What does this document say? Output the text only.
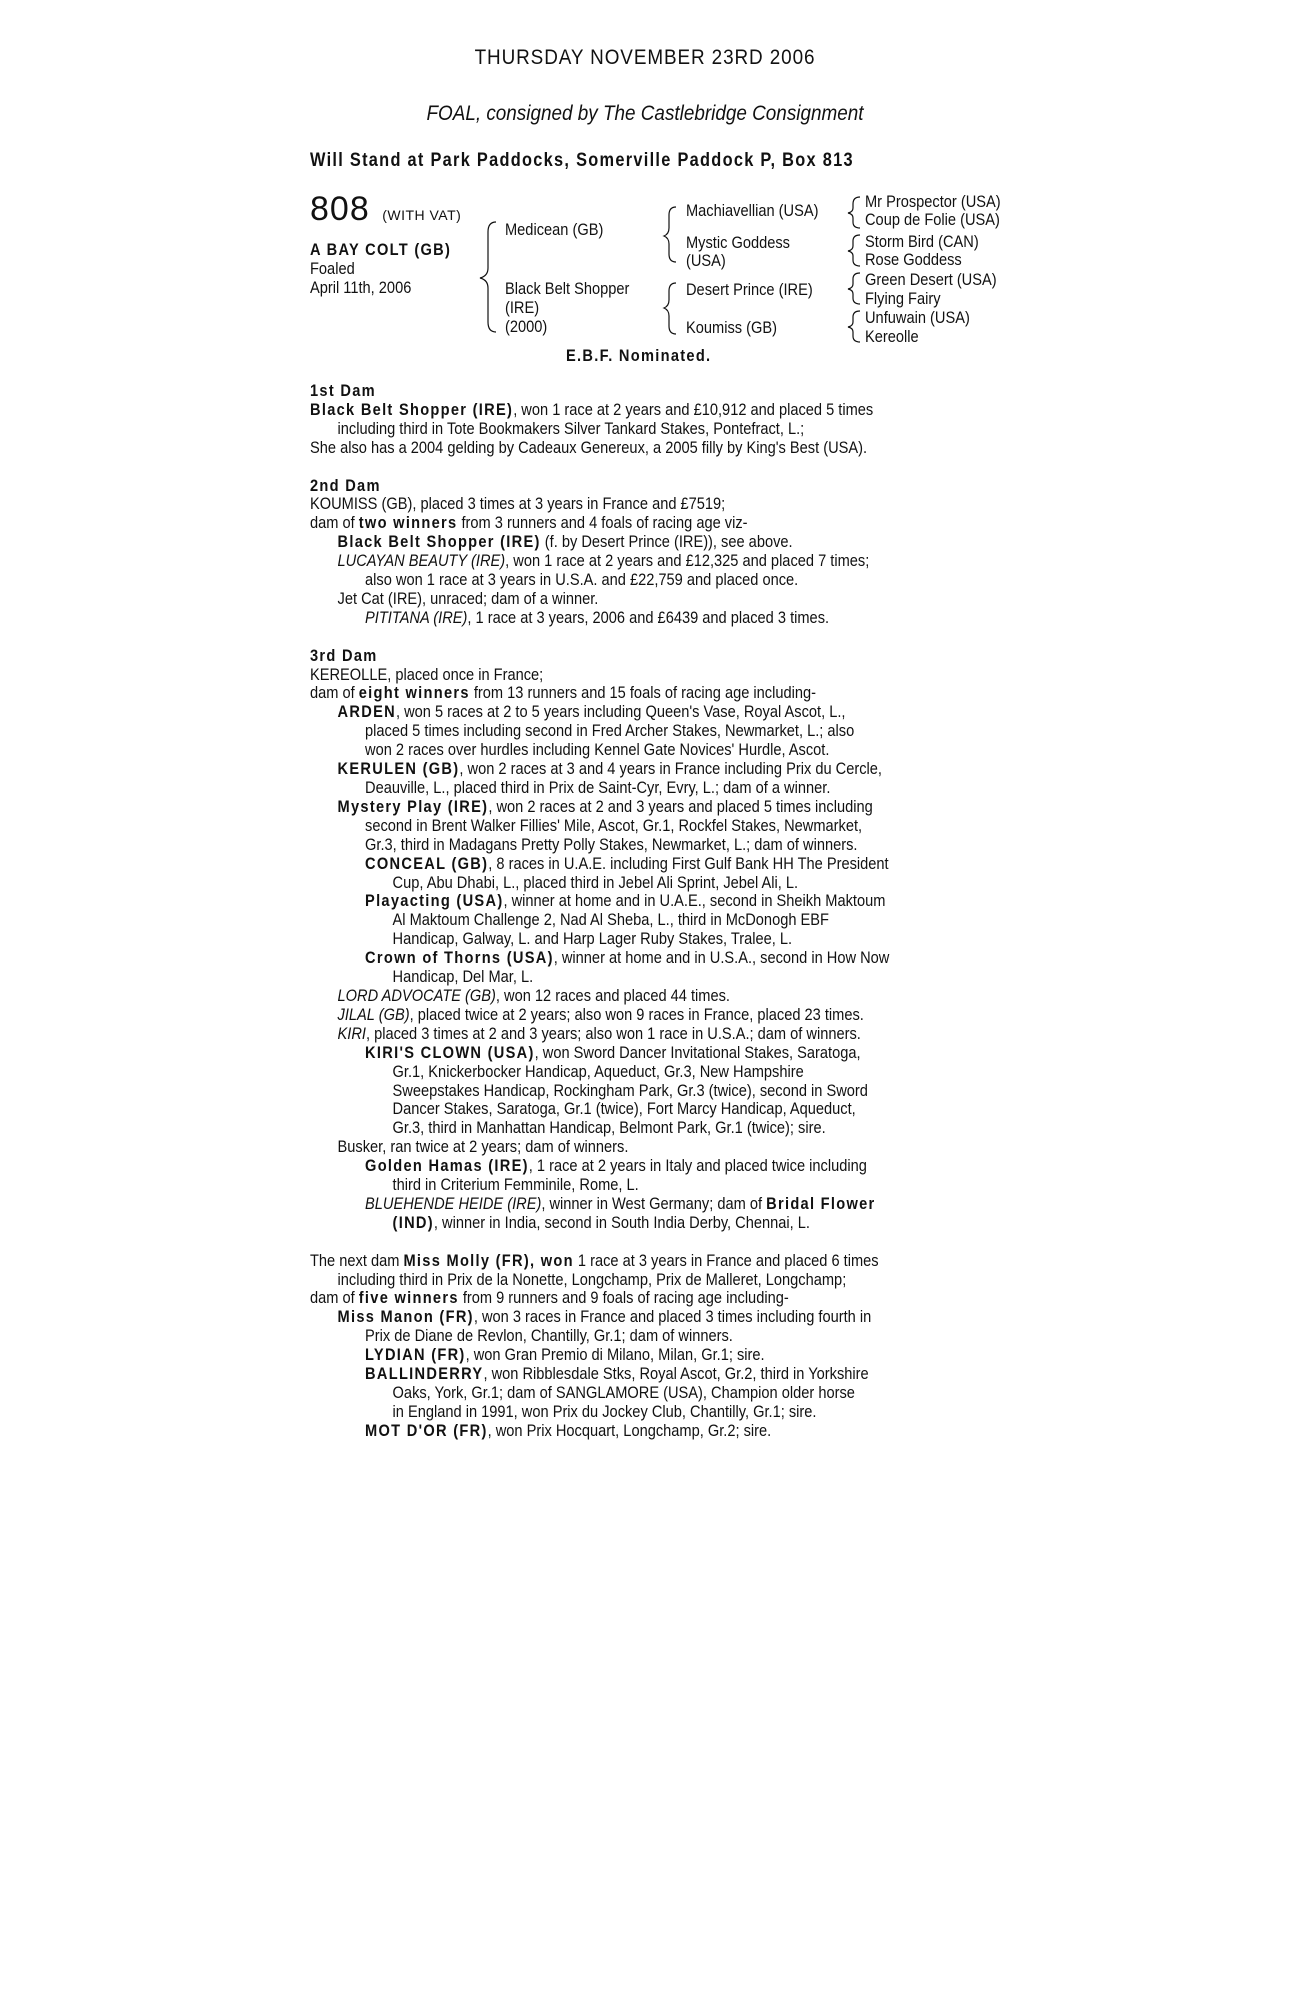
THURSDAY NOVEMBER 23RD 2006
FOAL, consigned by The Castlebridge Consignment
Will Stand at Park Paddocks, Somerville Paddock P, Box 813
808 (WITH VAT)
A BAY COLT (GB)
Foaled
April 11th, 2006
Medicean (GB)
Black Belt Shopper
(IRE)
(2000)
Machiavellian (USA)
Mystic Goddess
(USA)
Desert Prince (IRE)
Koumiss (GB)
Mr Prospector (USA)
Coup de Folie (USA)
Storm Bird (CAN)
Rose Goddess
Green Desert (USA)
Flying Fairy
Unfuwain (USA)
Kereolle
E.B.F. Nominated.
1st Dam
Black Belt Shopper (IRE), won 1 race at 2 years and £10,912 and placed 5 times
including third in Tote Bookmakers Silver Tankard Stakes, Pontefract, L.;
She also has a 2004 gelding by Cadeaux Genereux, a 2005 filly by King's Best (USA).
2nd Dam
KOUMISS (GB), placed 3 times at 3 years in France and £7519;
dam of two winners from 3 runners and 4 foals of racing age viz-
Black Belt Shopper (IRE) (f. by Desert Prince (IRE)), see above.
LUCAYAN BEAUTY (IRE), won 1 race at 2 years and £12,325 and placed 7 times;
also won 1 race at 3 years in U.S.A. and £22,759 and placed once.
Jet Cat (IRE), unraced; dam of a winner.
PITITANA (IRE), 1 race at 3 years, 2006 and £6439 and placed 3 times.
3rd Dam
KEREOLLE, placed once in France;
dam of eight winners from 13 runners and 15 foals of racing age including-
ARDEN, won 5 races at 2 to 5 years including Queen's Vase, Royal Ascot, L.,
placed 5 times including second in Fred Archer Stakes, Newmarket, L.; also
won 2 races over hurdles including Kennel Gate Novices' Hurdle, Ascot.
KERULEN (GB), won 2 races at 3 and 4 years in France including Prix du Cercle,
Deauville, L., placed third in Prix de Saint-Cyr, Evry, L.; dam of a winner.
Mystery Play (IRE), won 2 races at 2 and 3 years and placed 5 times including
second in Brent Walker Fillies' Mile, Ascot, Gr.1, Rockfel Stakes, Newmarket,
Gr.3, third in Madagans Pretty Polly Stakes, Newmarket, L.; dam of winners.
CONCEAL (GB), 8 races in U.A.E. including First Gulf Bank HH The President
Cup, Abu Dhabi, L., placed third in Jebel Ali Sprint, Jebel Ali, L.
Playacting (USA), winner at home and in U.A.E., second in Sheikh Maktoum
Al Maktoum Challenge 2, Nad Al Sheba, L., third in McDonogh EBF
Handicap, Galway, L. and Harp Lager Ruby Stakes, Tralee, L.
Crown of Thorns (USA), winner at home and in U.S.A., second in How Now
Handicap, Del Mar, L.
LORD ADVOCATE (GB), won 12 races and placed 44 times.
JILAL (GB), placed twice at 2 years; also won 9 races in France, placed 23 times.
KIRI, placed 3 times at 2 and 3 years; also won 1 race in U.S.A.; dam of winners.
KIRI'S CLOWN (USA), won Sword Dancer Invitational Stakes, Saratoga,
Gr.1, Knickerbocker Handicap, Aqueduct, Gr.3, New Hampshire
Sweepstakes Handicap, Rockingham Park, Gr.3 (twice), second in Sword
Dancer Stakes, Saratoga, Gr.1 (twice), Fort Marcy Handicap, Aqueduct,
Gr.3, third in Manhattan Handicap, Belmont Park, Gr.1 (twice); sire.
Busker, ran twice at 2 years; dam of winners.
Golden Hamas (IRE), 1 race at 2 years in Italy and placed twice including
third in Criterium Femminile, Rome, L.
BLUEHENDE HEIDE (IRE), winner in West Germany; dam of Bridal Flower
(IND), winner in India, second in South India Derby, Chennai, L.
The next dam Miss Molly (FR), won 1 race at 3 years in France and placed 6 times
including third in Prix de la Nonette, Longchamp, Prix de Malleret, Longchamp;
dam of five winners from 9 runners and 9 foals of racing age including-
Miss Manon (FR), won 3 races in France and placed 3 times including fourth in
Prix de Diane de Revlon, Chantilly, Gr.1; dam of winners.
LYDIAN (FR), won Gran Premio di Milano, Milan, Gr.1; sire.
BALLINDERRY, won Ribblesdale Stks, Royal Ascot, Gr.2, third in Yorkshire
Oaks, York, Gr.1; dam of SANGLAMORE (USA), Champion older horse
in England in 1991, won Prix du Jockey Club, Chantilly, Gr.1; sire.
MOT D'OR (FR), won Prix Hocquart, Longchamp, Gr.2; sire.
